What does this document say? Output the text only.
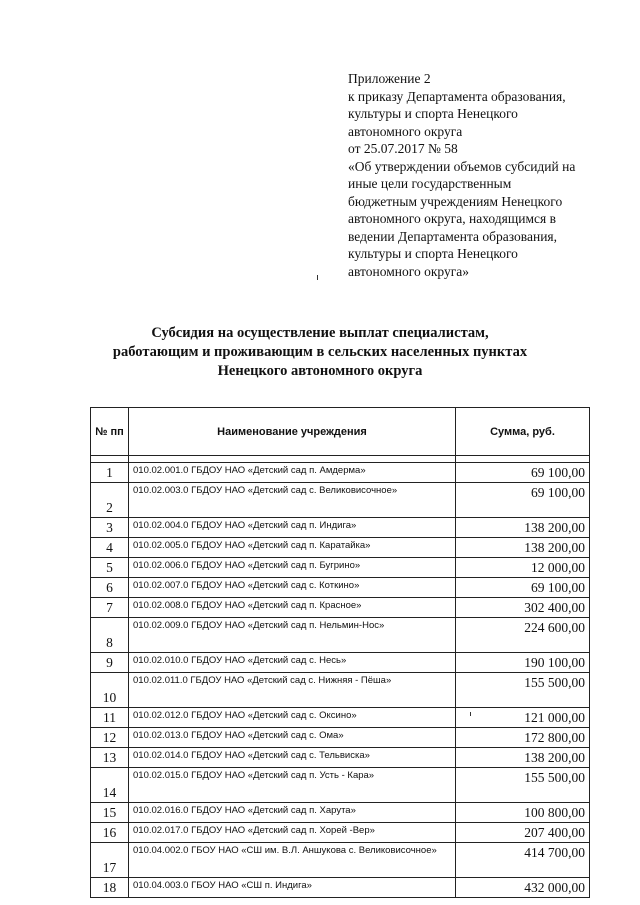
Приложение 2
к приказу Департамента образования,
культуры и спорта Ненецкого
автономного округа
от 25.07.2017 № 58
«Об утверждении объемов субсидий на
иные цели государственным
бюджетным учреждениям Ненецкого
автономного округа, находящимся в
ведении Департамента образования,
культуры и спорта Ненецкого
автономного округа»
Субсидия на осуществление выплат специалистам,
работающим и проживающим в сельских населенных пунктах
Ненецкого автономного округа
№ пп	Наименование учреждения	Сумма, руб.

1	010.02.001.0 ГБДОУ НАО «Детский сад п. Амдерма»	69 100,00
2	010.02.003.0 ГБДОУ НАО «Детский сад с. Великовисочное»	69 100,00
3	010.02.004.0 ГБДОУ НАО «Детский сад п. Индига»	138 200,00
4	010.02.005.0 ГБДОУ НАО «Детский сад п. Каратайка»	138 200,00
5	010.02.006.0 ГБДОУ НАО «Детский сад п. Бугрино»	12 000,00
6	010.02.007.0 ГБДОУ НАО «Детский сад с. Коткино»	69 100,00
7	010.02.008.0 ГБДОУ НАО «Детский сад п. Красное»	302 400,00
8	010.02.009.0 ГБДОУ НАО «Детский сад п. Нельмин-Нос»	224 600,00
9	010.02.010.0 ГБДОУ НАО «Детский сад с. Несь»	190 100,00
10	010.02.011.0 ГБДОУ НАО «Детский сад с. Нижняя - Пёша»	155 500,00
11	010.02.012.0 ГБДОУ НАО «Детский сад с. Оксино»	121 000,00
12	010.02.013.0 ГБДОУ НАО «Детский сад с. Ома»	172 800,00
13	010.02.014.0 ГБДОУ НАО «Детский сад с. Тельвиска»	138 200,00
14	010.02.015.0 ГБДОУ НАО «Детский сад п. Усть - Кара»	155 500,00
15	010.02.016.0 ГБДОУ НАО «Детский сад п. Харута»	100 800,00
16	010.02.017.0 ГБДОУ НАО «Детский сад п. Хорей -Вер»	207 400,00
17	010.04.002.0 ГБОУ НАО «СШ им. В.Л. Аншукова с. Великовисочное»	414 700,00
18	010.04.003.0 ГБОУ НАО «СШ п. Индига»	432 000,00
